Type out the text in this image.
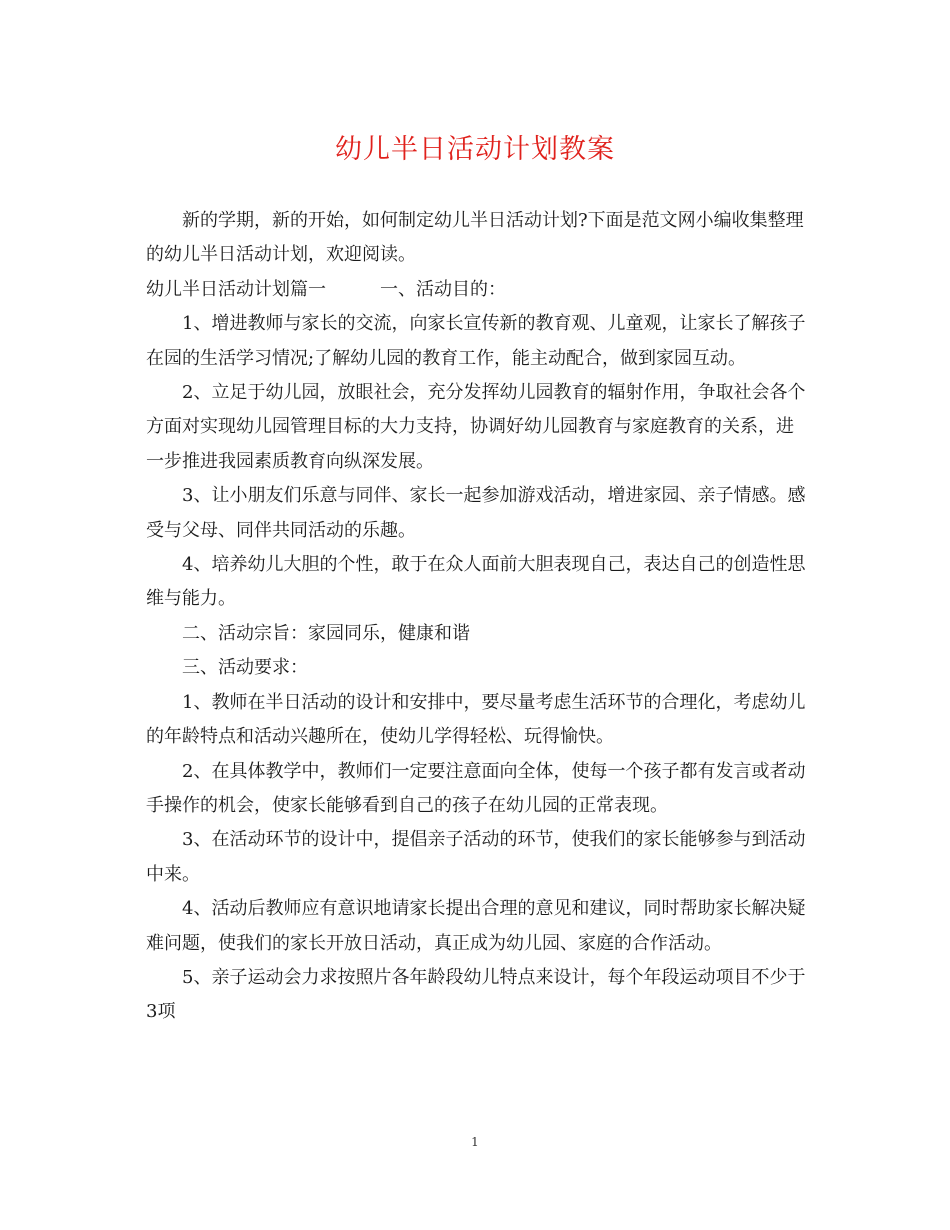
幼儿半日活动计划教案

新的学期，新的开始，如何制定幼儿半日活动计划?下面是范文网小编收集整理的幼儿半日活动计划，欢迎阅读。

幼儿半日活动计划篇一　　　一、活动目的：

1、增进教师与家长的交流，向家长宣传新的教育观、儿童观，让家长了解孩子在园的生活学习情况;了解幼儿园的教育工作，能主动配合，做到家园互动。

2、立足于幼儿园，放眼社会，充分发挥幼儿园教育的辐射作用，争取社会各个方面对实现幼儿园管理目标的大力支持，协调好幼儿园教育与家庭教育的关系，进一步推进我园素质教育向纵深发展。

3、让小朋友们乐意与同伴、家长一起参加游戏活动，增进家园、亲子情感。感受与父母、同伴共同活动的乐趣。

4、培养幼儿大胆的个性，敢于在众人面前大胆表现自己，表达自己的创造性思维与能力。

二、活动宗旨：家园同乐，健康和谐

三、活动要求：

1、教师在半日活动的设计和安排中，要尽量考虑生活环节的合理化，考虑幼儿的年龄特点和活动兴趣所在，使幼儿学得轻松、玩得愉快。

2、在具体教学中，教师们一定要注意面向全体，使每一个孩子都有发言或者动手操作的机会，使家长能够看到自己的孩子在幼儿园的正常表现。

3、在活动环节的设计中，提倡亲子活动的环节，使我们的家长能够参与到活动中来。

4、活动后教师应有意识地请家长提出合理的意见和建议，同时帮助家长解决疑难问题，使我们的家长开放日活动，真正成为幼儿园、家庭的合作活动。

5、亲子运动会力求按照片各年龄段幼儿特点来设计，每个年段运动项目不少于3项

1
